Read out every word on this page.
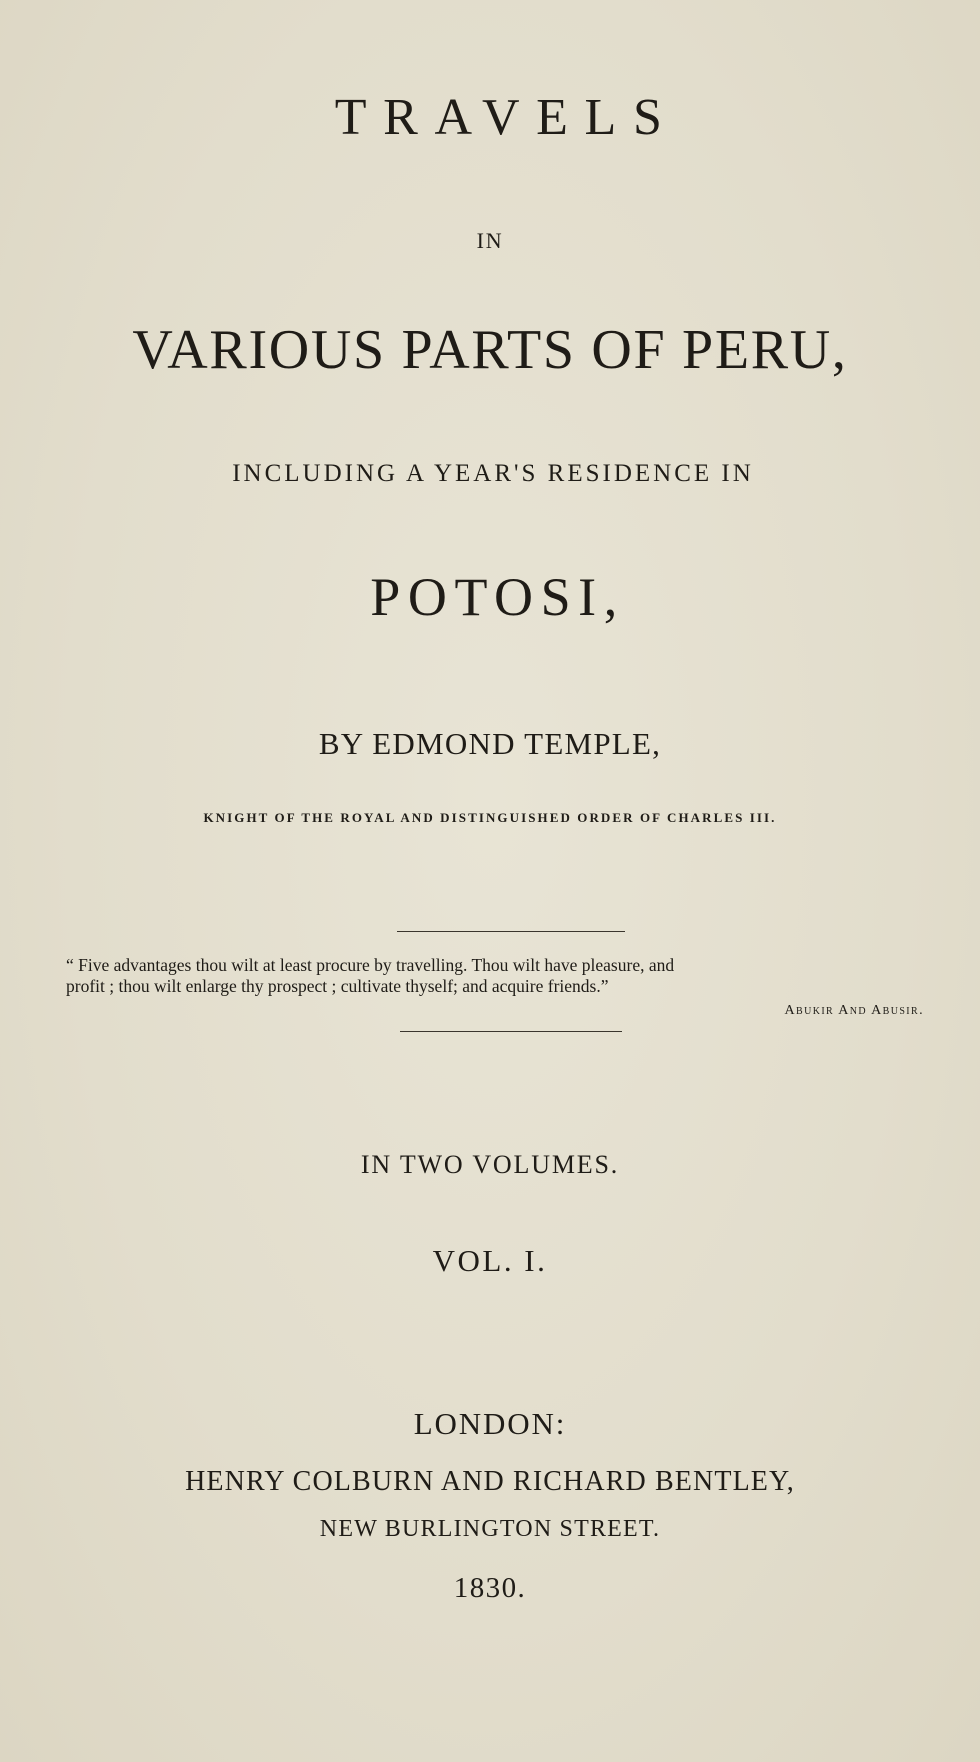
TRAVELS
IN
VARIOUS PARTS OF PERU,
INCLUDING A YEAR'S RESIDENCE IN
POTOSI,
BY EDMOND TEMPLE,
KNIGHT OF THE ROYAL AND DISTINGUISHED ORDER OF CHARLES III.

“ Five advantages thou wilt at least procure by travelling. Thou wilt have pleasure, and

profit ; thou wilt enlarge thy prospect ; cultivate thyself; and acquire friends.”

Abukir And Abusir.
IN TWO VOLUMES.
VOL. I.
LONDON:
HENRY COLBURN AND RICHARD BENTLEY,
NEW BURLINGTON STREET.
1830.
